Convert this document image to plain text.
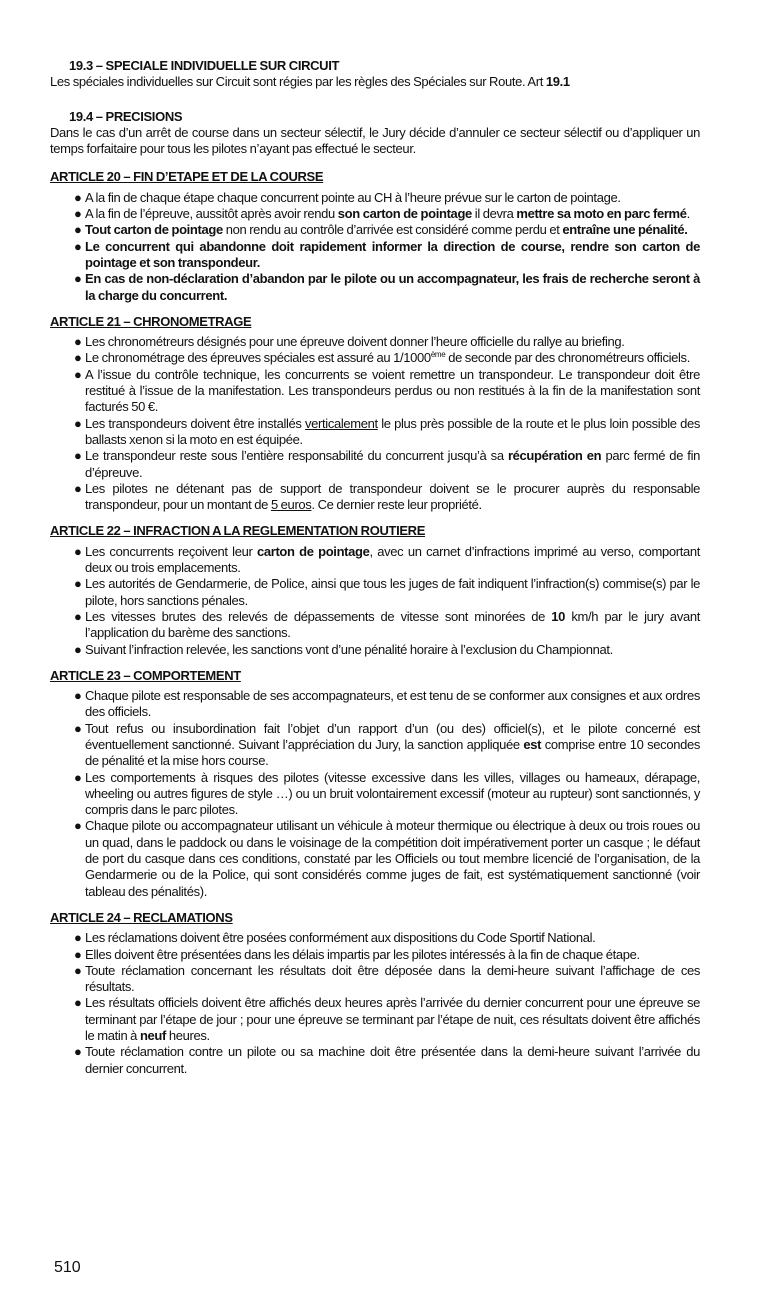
19.3 – SPECIALE INDIVIDUELLE SUR CIRCUIT
Les spéciales individuelles sur Circuit sont régies par les règles des Spéciales sur Route. Art 19.1
19.4 – PRECISIONS
Dans le cas d’un arrêt de course dans un secteur sélectif, le Jury décide d’annuler ce secteur sélectif ou d’appliquer un temps forfaitaire pour tous les pilotes n’ayant pas effectué le secteur.
ARTICLE 20 – FIN D’ETAPE ET DE LA COURSE
● A la fin de chaque étape chaque concurrent pointe au CH à l’heure prévue sur le carton de pointage.
● A la fin de l’épreuve, aussitôt après avoir rendu son carton de pointage il devra mettre sa moto en parc fermé.
● Tout carton de pointage non rendu au contrôle d’arrivée est considéré comme perdu et entraîne une pénalité.
● Le concurrent qui abandonne doit rapidement informer la direction de course, rendre son carton de pointage et son transpondeur.
● En cas de non-déclaration d’abandon par le pilote ou un accompagnateur, les frais de recherche seront à la charge du concurrent.
ARTICLE 21 – CHRONOMETRAGE
● Les chronométreurs désignés pour une épreuve doivent donner l’heure officielle du rallye au briefing.
● Le chronométrage des épreuves spéciales est assuré au 1/1000ème de seconde par des chronométreurs officiels.
● A l’issue du contrôle technique, les concurrents se voient remettre un transpondeur. Le transpondeur doit être restitué à l’issue de la manifestation. Les transpondeurs perdus ou non restitués à la fin de la manifestation sont facturés 50 €.
● Les transpondeurs doivent être installés verticalement le plus près possible de la route et le plus loin possible des ballasts xenon si la moto en est équipée.
● Le transpondeur reste sous l’entière responsabilité du concurrent jusqu’à sa récupération en parc fermé de fin d’épreuve.
● Les pilotes ne détenant pas de support de transpondeur doivent se le procurer auprès du responsable transpondeur, pour un montant de 5 euros. Ce dernier reste leur propriété.
ARTICLE 22 – INFRACTION A LA REGLEMENTATION ROUTIERE
● Les concurrents reçoivent leur carton de pointage, avec un carnet d’infractions imprimé au verso, comportant deux ou trois emplacements.
● Les autorités de Gendarmerie, de Police, ainsi que tous les juges de fait indiquent l’infraction(s) commise(s) par le pilote, hors sanctions pénales.
● Les vitesses brutes des relevés de dépassements de vitesse sont minorées de 10 km/h par le jury avant l’application du barème des sanctions.
● Suivant l’infraction relevée, les sanctions vont d’une pénalité horaire à l’exclusion du Championnat.
ARTICLE 23 – COMPORTEMENT
● Chaque pilote est responsable de ses accompagnateurs, et est tenu de se conformer aux consignes et aux ordres des officiels.
● Tout refus ou insubordination fait l’objet d’un rapport d’un (ou des) officiel(s), et le pilote concerné est éventuellement sanctionné. Suivant l’appréciation du Jury, la sanction appliquée est comprise entre 10 secondes de pénalité et la mise hors course.
● Les comportements à risques des pilotes (vitesse excessive dans les villes, villages ou hameaux, dérapage, wheeling ou autres figures de style …) ou un bruit volontairement excessif (moteur au rupteur) sont sanctionnés, y compris dans le parc pilotes.
● Chaque pilote ou accompagnateur utilisant un véhicule à moteur thermique ou électrique à deux ou trois roues ou un quad, dans le paddock ou dans le voisinage de la compétition doit impérativement porter un casque ; le défaut de port du casque dans ces conditions, constaté par les Officiels ou tout membre licencié de l’organisation, de la Gendarmerie ou de la Police, qui sont considérés comme juges de fait, est systématiquement sanctionné (voir tableau des pénalités).
ARTICLE 24 – RECLAMATIONS
● Les réclamations doivent être posées conformément aux dispositions du Code Sportif National.
● Elles doivent être présentées dans les délais impartis par les pilotes intéressés à la fin de chaque étape.
● Toute réclamation concernant les résultats doit être déposée dans la demi-heure suivant l’affichage de ces résultats.
● Les résultats officiels doivent être affichés deux heures après l’arrivée du dernier concurrent pour une épreuve se terminant par l’étape de jour ; pour une épreuve se terminant par l’étape de nuit, ces résultats doivent être affichés le matin à neuf heures.
● Toute réclamation contre un pilote ou sa machine doit être présentée dans la demi-heure suivant l’arrivée du dernier concurrent.
510
